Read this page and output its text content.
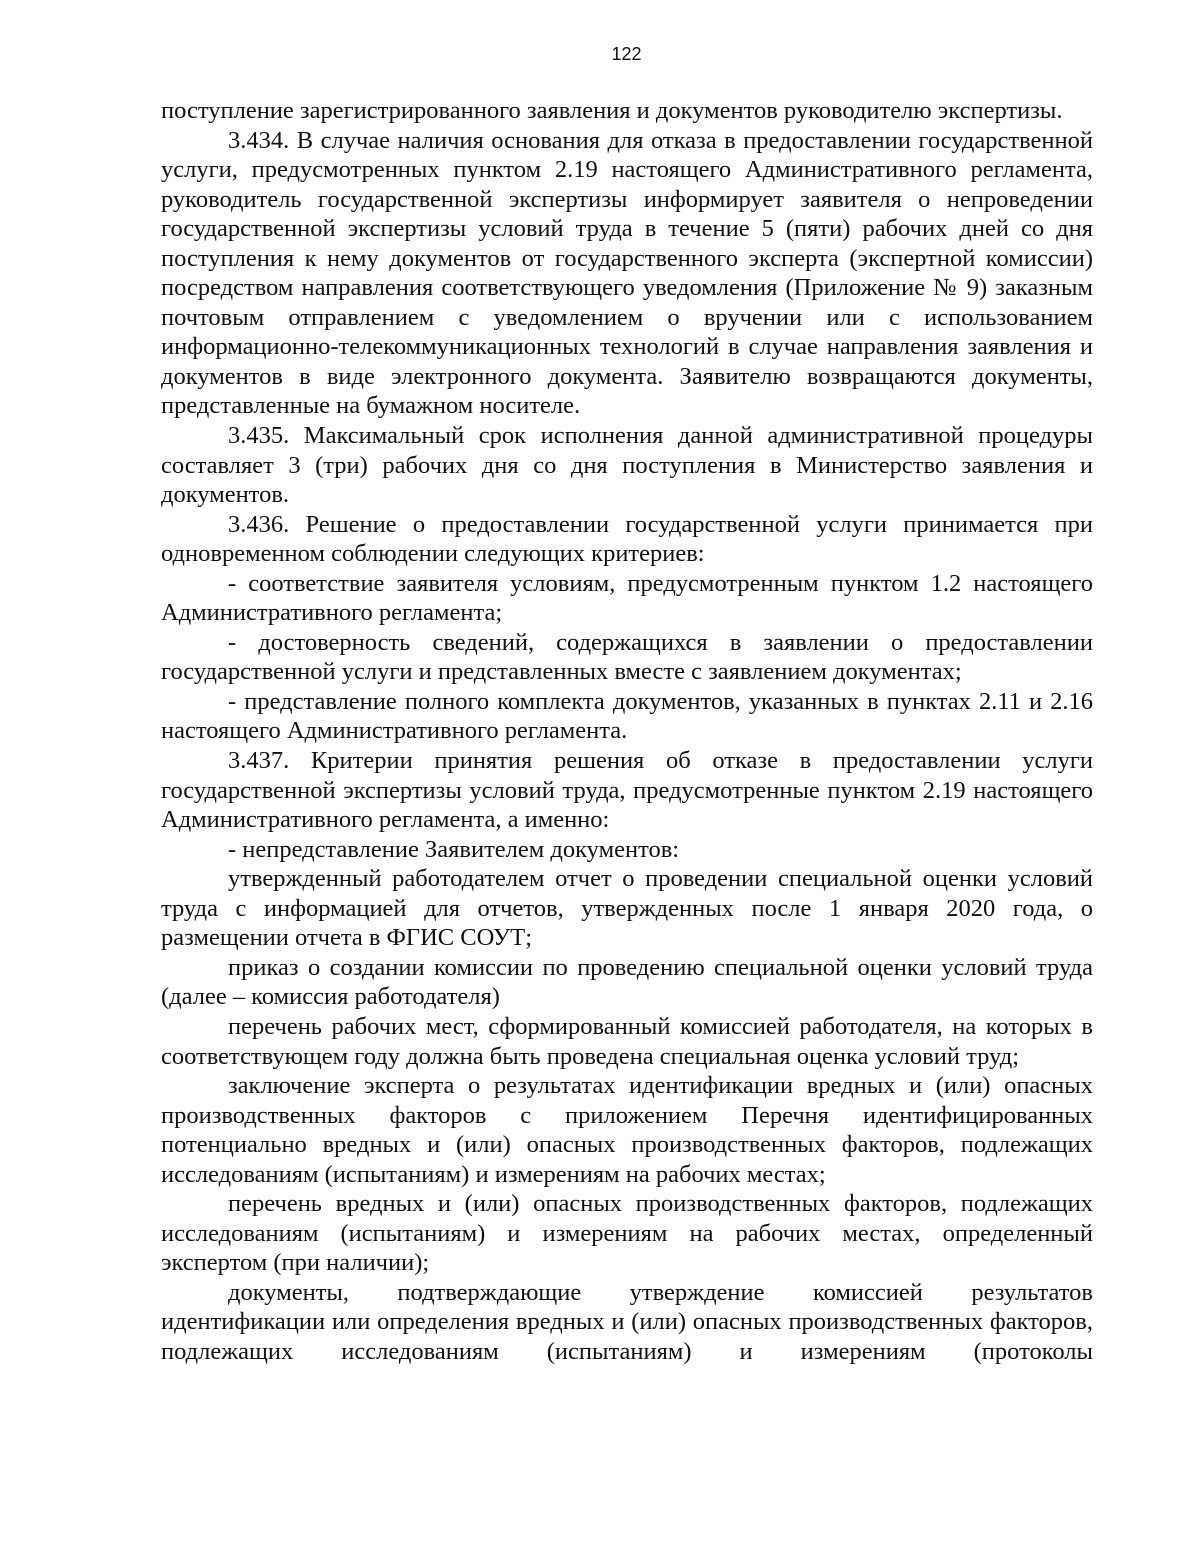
122

поступление зарегистрированного заявления и документов руководителю экспертизы.

3.434. В случае наличия основания для отказа в предоставлении государственной услуги, предусмотренных пунктом 2.19 настоящего Административного регламента, руководитель государственной экспертизы информирует заявителя о непроведении государственной экспертизы условий труда в течение 5 (пяти) рабочих дней со дня поступления к нему документов от государственного эксперта (экспертной комиссии) посредством направления соответствующего уведомления (Приложение № 9) заказным почтовым отправлением с уведомлением о вручении или с использованием информационно-телекоммуникационных технологий в случае направления заявления и документов в виде электронного документа. Заявителю возвращаются документы, представленные на бумажном носителе.

3.435. Максимальный срок исполнения данной административной процедуры составляет 3 (три) рабочих дня со дня поступления в Министерство заявления и документов.

3.436. Решение о предоставлении государственной услуги принимается при одновременном соблюдении следующих критериев:

- соответствие заявителя условиям, предусмотренным пунктом 1.2 настоящего Административного регламента;

- достоверность сведений, содержащихся в заявлении о предоставлении государственной услуги и представленных вместе с заявлением документах;

- представление полного комплекта документов, указанных в пунктах 2.11 и 2.16 настоящего Административного регламента.

3.437. Критерии принятия решения об отказе в предоставлении услуги государственной экспертизы условий труда, предусмотренные пунктом 2.19 настоящего Административного регламента, а именно:

- непредставление Заявителем документов:

утвержденный работодателем отчет о проведении специальной оценки условий труда с информацией для отчетов, утвержденных после 1 января 2020 года, о размещении отчета в ФГИС СОУТ;

приказ о создании комиссии по проведению специальной оценки условий труда (далее – комиссия работодателя)

перечень рабочих мест, сформированный комиссией работодателя, на которых в соответствующем году должна быть проведена специальная оценка условий труд;

заключение эксперта о результатах идентификации вредных и (или) опасных производственных факторов с приложением Перечня идентифицированных потенциально вредных и (или) опасных производственных факторов, подлежащих исследованиям (испытаниям) и измерениям на рабочих местах;

перечень вредных и (или) опасных производственных факторов, подлежащих исследованиям (испытаниям) и измерениям на рабочих местах, определенный экспертом (при наличии);

документы, подтверждающие утверждение комиссией результатов идентификации или определения вредных и (или) опасных производственных факторов, подлежащих исследованиям (испытаниям) и измерениям (протоколы
